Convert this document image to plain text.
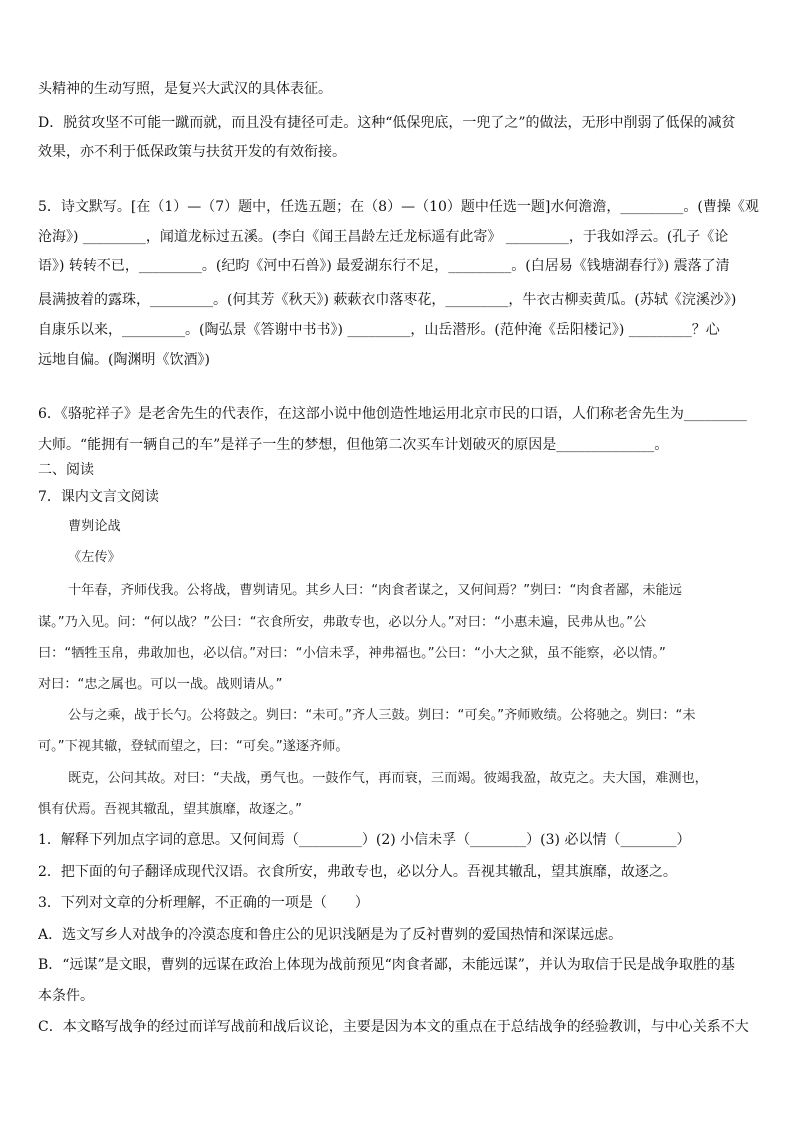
头精神的生动写照，是复兴大武汉的具体表征。
D．脱贫攻坚不可能一蹴而就，而且没有捷径可走。这种“低保兜底，一兜了之”的做法，无形中削弱了低保的减贫
效果，亦不利于低保政策与扶贫开发的有效衔接。
5．诗文默写。[在（1）—（7）题中，任选五题；在（8）—（10）题中任选一题]水何澹澹，_________。(曹操《观
沧海》) _________，闻道龙标过五溪。(李白《闻王昌龄左迁龙标遥有此寄》 _________，于我如浮云。(孔子《论
语》) 转转不已，_________。(纪昀《河中石兽》) 最爱湖东行不足，_________。(白居易《钱塘湖春行》) 震落了清
晨满披着的露珠，_________。(何其芳《秋天》) 蔌蔌衣巾落枣花，_________，牛衣古柳卖黄瓜。(苏轼《浣溪沙》)
自康乐以来，_________。(陶弘景《答谢中书书》) _________，山岳潜形。(范仲淹《岳阳楼记》) _________？心
远地自偏。(陶渊明《饮酒》)
6．《骆驼祥子》是老舍先生的代表作，在这部小说中他创造性地运用北京市民的口语，人们称老舍先生为_________
大师。“能拥有一辆自己的车”是祥子一生的梦想，但他第二次买车计划破灭的原因是______________。
二、阅读
7．课内文言文阅读
曹刿论战
《左传》
十年春，齐师伐我。公将战，曹刿请见。其乡人曰：“肉食者谋之，又何间焉？”刿曰：“肉食者鄙，未能远
谋。”乃入见。问：“何以战？”公曰：“衣食所安，弗敢专也，必以分人。”对曰：“小惠未遍，民弗从也。”公
曰：“牺牲玉帛，弗敢加也，必以信。”对曰：“小信未孚，神弗福也。”公曰：“小大之狱，虽不能察，必以情。”
对曰：“忠之属也。可以一战。战则请从。”
公与之乘，战于长勺。公将鼓之。刿曰：“未可。”齐人三鼓。刿曰：“可矣。”齐师败绩。公将驰之。刿曰：“未
可。”下视其辙，登轼而望之，曰：“可矣。”遂逐齐师。
既克，公问其故。对曰：“夫战，勇气也。一鼓作气，再而衰，三而竭。彼竭我盈，故克之。夫大国，难测也，
惧有伏焉。吾视其辙乱，望其旗靡，故逐之。”
1．解释下列加点字词的意思。又何间焉（_________）(2) 小信未孚（________）(3) 必以情（________）
2．把下面的句子翻译成现代汉语。衣食所安，弗敢专也，必以分人。吾视其辙乱，望其旗靡，故逐之。
3．下列对文章的分析理解，不正确的一项是（　　）
A．选文写乡人对战争的冷漠态度和鲁庄公的见识浅陋是为了反衬曹刿的爱国热情和深谋远虑。
B．“远谋”是文眼，曹刿的远谋在政治上体现为战前预见“肉食者鄙，未能远谋”，并认为取信于民是战争取胜的基
本条件。
C．本文略写战争的经过而详写战前和战后议论，主要是因为本文的重点在于总结战争的经验教训，与中心关系不大
